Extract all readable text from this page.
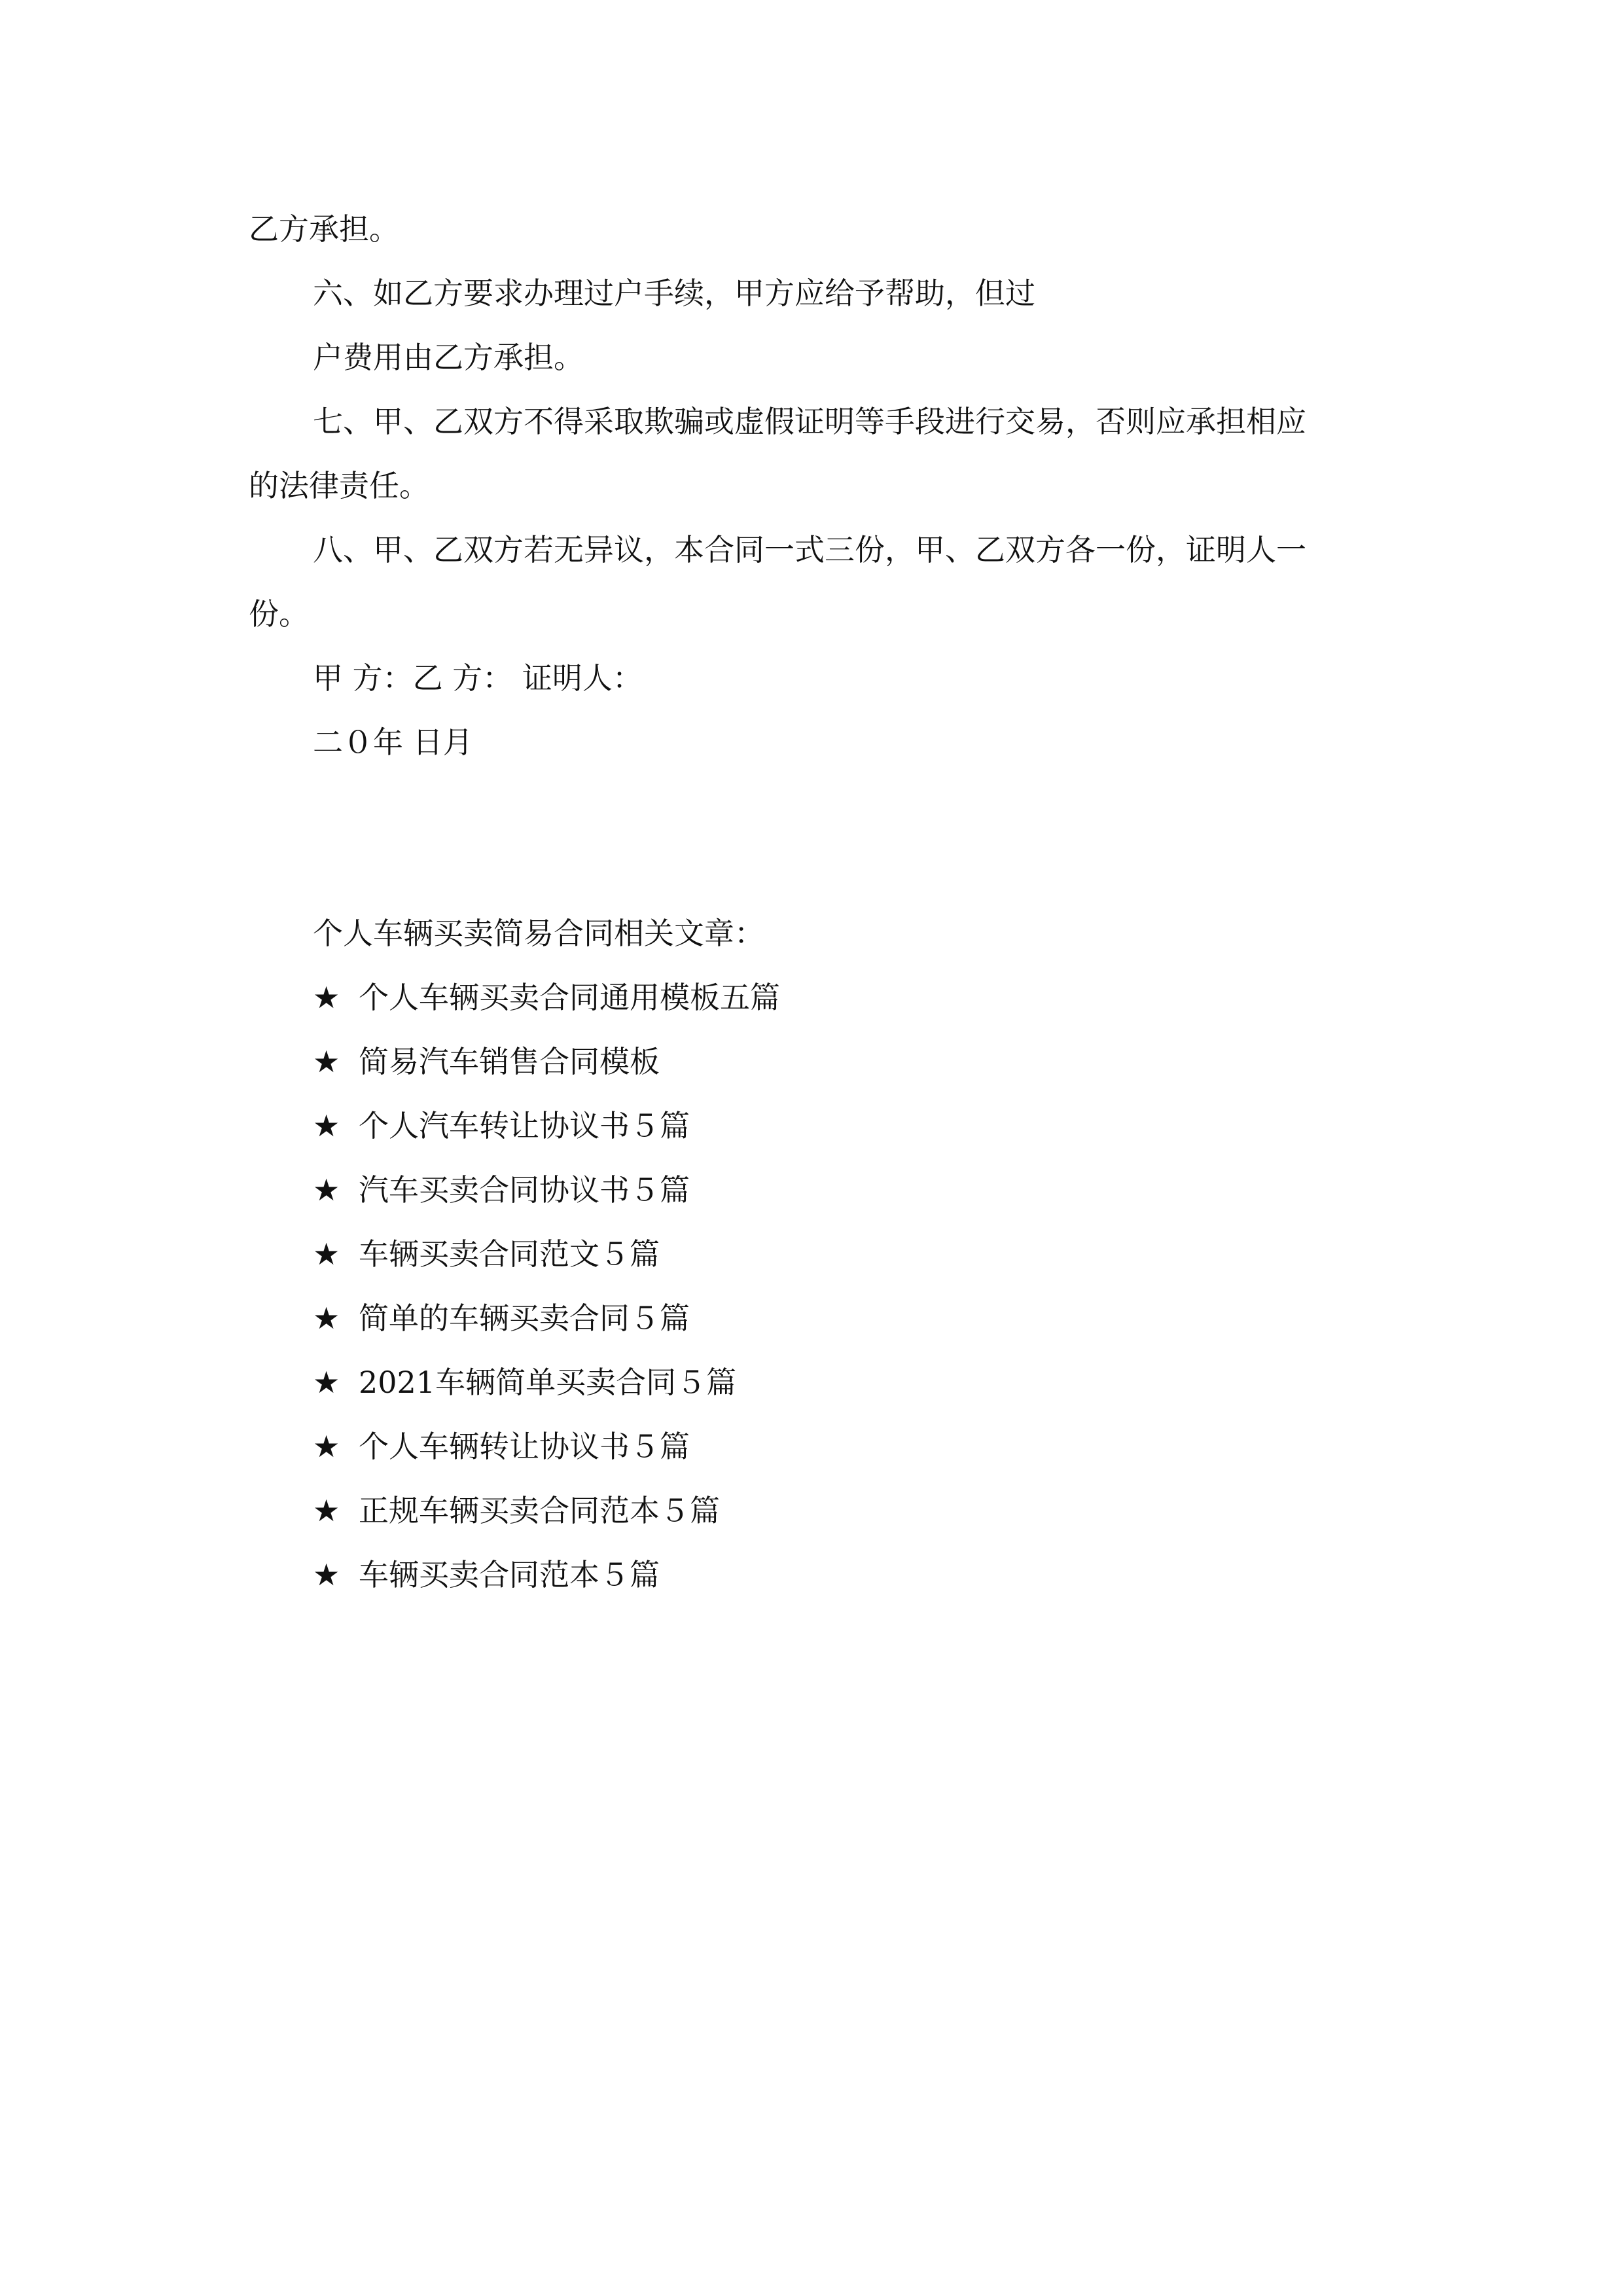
乙方承担。
六、如乙方要求办理过户手续，甲方应给予帮助，但过
户费用由乙方承担。
七、甲、乙双方不得采取欺骗或虚假证明等手段进行交易，否则应承担相应
的法律责任。
八、甲、乙双方若无异议，本合同一式三份，甲、乙双方各一份，证明人一
份。
甲 方：乙 方： 证明人：
二０年 日月
个人车辆买卖简易合同相关文章：
★ 个人车辆买卖合同通用模板五篇
★ 简易汽车销售合同模板
★ 个人汽车转让协议书５篇
★ 汽车买卖合同协议书５篇
★ 车辆买卖合同范文５篇
★ 简单的车辆买卖合同５篇
★ 2021车辆简单买卖合同５篇
★ 个人车辆转让协议书５篇
★ 正规车辆买卖合同范本５篇
★ 车辆买卖合同范本５篇
